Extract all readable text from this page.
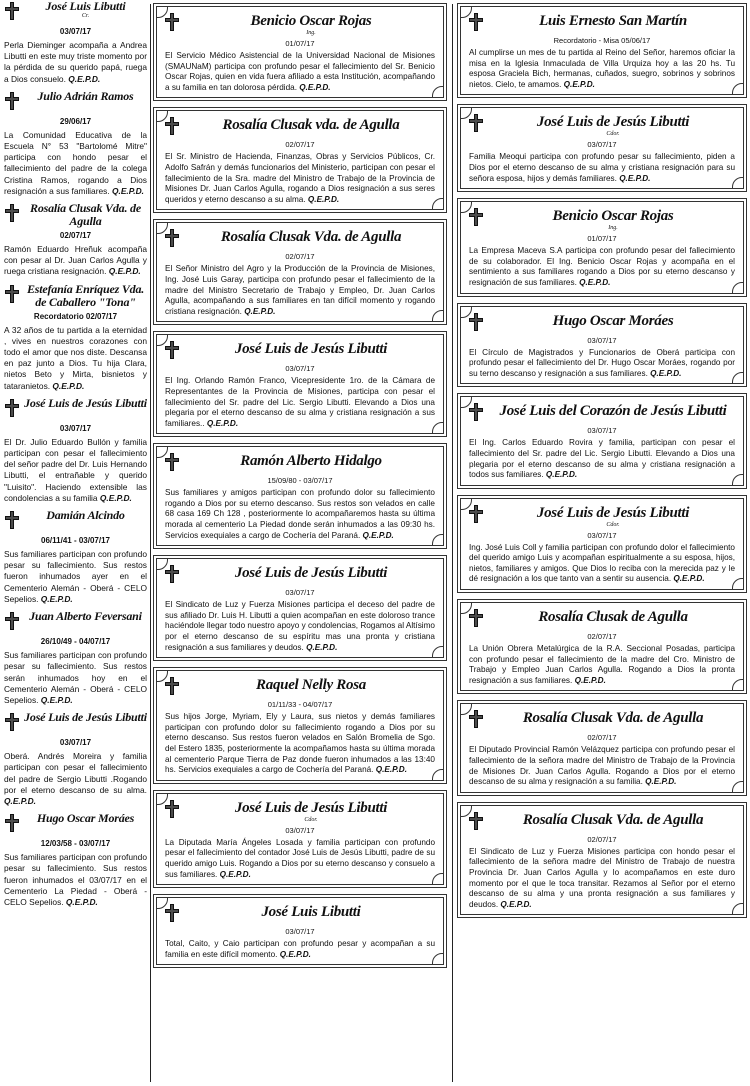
José Luis Libutti
Cr.
03/07/17
Perla Dieminger acompaña a Andrea Libutti en este muy triste momento por la pérdida de su querido papá, ruega a Dios consuelo. Q.E.P.D.
Julio Adrián Ramos
29/06/17
La Comunidad Educativa de la Escuela N° 53 "Bartolomé Mitre" participa con hondo pesar el fallecimiento del padre de la colega Cristina Ramos, rogando a Dios resignación a sus familiares. Q.E.P.D.
Rosalía Clusak Vda. de Agulla
02/07/17
Ramón Eduardo Hreñuk acompaña con pesar al Dr. Juan Carlos Agulla y ruega cristiana resignación. Q.E.P.D.
Estefanía Enríquez Vda. de Caballero "Tona"
Recordatorio 02/07/17
A 32 años de tu partida a la eternidad , vives en nuestros corazones con todo el amor que nos diste. Descansa en paz junto a Dios. Tu hija Clara, nietos Beto y Mirta, bisnietos y tataranietos. Q.E.P.D.
José Luis de Jesús Libutti
03/07/17
El Dr. Julio Eduardo Bullón y familia participan con pesar el fallecimiento del señor padre del Dr. Luis Hernando Libutti, el entrañable y querido "Luisito". Haciendo extensible las condolencias a su familia Q.E.P.D.
Damián Alcindo
06/11/41 - 03/07/17
Sus familiares participan con profundo pesar su fallecimiento. Sus restos fueron inhumados ayer en el Cementerio Alemán - Oberá - CELO Sepelios. Q.E.P.D.
Juan Alberto Feversani
26/10/49 - 04/07/17
Sus familiares participan con profundo pesar su fallecimiento. Sus restos serán inhumados hoy en el Cementerio Alemán - Oberá - CELO Sepelios. Q.E.P.D.
José Luis de Jesús Libutti
03/07/17
Oberá. Andrés Moreira y familia participan con pesar el fallecimiento del padre de Sergio Libutti .Rogando por el eterno descanso de su alma. Q.E.P.D.
Hugo Oscar Moráes
12/03/58 - 03/07/17
Sus familiares participan con profundo pesar su fallecimiento. Sus restos fueron inhumados el 03/07/17 en el Cementerio La Piedad - Oberá - CELO Sepelios. Q.E.P.D.
Benicio Oscar Rojas
Ing.
01/07/17
El Servicio Médico Asistencial de la Universidad Nacional de Misiones (SMAUNaM) participa con profundo pesar el fallecimiento del Sr. Benicio Oscar Rojas, quien en vida fuera afiliado a esta Institución, acompañando a su familia en tan dolorosa pérdida. Q.E.P.D.
Rosalía Clusak vda. de Agulla
02/07/17
El Sr. Ministro de Hacienda, Finanzas, Obras y Servicios Públicos, Cr. Adolfo Safrán y demás funcionarios del Ministerio, participan con pesar el fallecimiento de la Sra. madre del Ministro de Trabajo de la Provincia de Misiones Dr. Juan Carlos Agulla, rogando a Dios resignación a sus seres queridos y eterno descanso a su alma. Q.E.P.D.
Rosalía Clusak Vda. de Agulla
02/07/17
El Señor Ministro del Agro y la Producción de la Provincia de Misiones, Ing. José Luis Garay, participa con profundo pesar el fallecimiento de la madre del Ministro Secretario de Trabajo y Empleo, Dr. Juan Carlos Agulla, acompañando a sus familiares en tan difícil momento y rogando cristiana resignación. Q.E.P.D.
José Luis de Jesús Libutti
03/07/17
El Ing. Orlando Ramón Franco, Vicepresidente 1ro. de la Cámara de Representantes de la Provincia de Misiones, participa con pesar el fallecimiento del Sr. padre del Lic. Sergio Libutti. Elevando a Dios una plegaria por el eterno descanso de su alma y cristiana resignación a sus familiares.. Q.E.P.D.
Ramón Alberto Hidalgo
15/09/80 - 03/07/17
Sus familiares y amigos participan con profundo dolor su fallecimiento rogando a Dios por su eterno descanso. Sus restos son velados en calle 68 casa 169 Ch 128 , posteriormente lo acompañaremos hasta su última morada al cementerio La Piedad donde serán inhumados a las 09:30 hs. Servicios exequiales a cargo de Cochería del Paraná. Q.E.P.D.
José Luis de Jesús Libutti
03/07/17
El Sindicato de Luz y Fuerza Misiones participa el deceso del padre de sus afiliado Dr. Luis H. Libutti a quien acompañan en este doloroso trance haciéndole llegar todo nuestro apoyo y condolencias, Rogamos al Altísimo por el eterno descanso de su espíritu mas una pronta y cristiana resignación a sus familiares y deudos. Q.E.P.D.
Raquel Nelly Rosa
01/11/33 - 04/07/17
Sus hijos Jorge, Myriam, Ely y Laura, sus nietos y demás familiares participan con profundo dolor su fallecimiento rogando a Dios por su eterno descanso. Sus restos fueron velados en Salón Bromelia de Sgo. del Estero 1835, posteriormente la acompañamos hasta su última morada al cementerio Parque Tierra de Paz donde fueron inhumados a las 13:40 hs. Servicios exequiales a cargo de Cochería del Paraná. Q.E.P.D.
José Luis de Jesús Libutti
Cdor.
03/07/17
La Diputada María Ángeles Losada y familia participan con profundo pesar el fallecimiento del contador José Luis de Jesús Libutti, padre de su querido amigo Luis. Rogando a Dios por su eterno descanso y consuelo a sus familiares. Q.E.P.D.
José Luis Libutti
03/07/17
Total, Caito, y Caio participan con profundo pesar y acompañan a su familia en este difícil momento. Q.E.P.D.
Luis Ernesto San Martín
Recordatorio - Misa 05/06/17
Al cumplirse un mes de tu partida al Reino del Señor, haremos oficiar la misa en la Iglesia Inmaculada de Villa Urquiza hoy a las 20 hs. Tu esposa Graciela Bich, hermanas, cuñados, suegro, sobrinos y sobrinos nietos. Cielo, te amamos. Q.E.P.D.
José Luis de Jesús Libutti
Cdor.
03/07/17
Familia Meoqui participa con profundo pesar su fallecimiento, piden a Dios por el eterno descanso de su alma y cristiana resignación para su señora esposa, hijos y demás familiares. Q.E.P.D.
Benicio Oscar Rojas
Ing.
01/07/17
La Empresa Maceva S.A participa con profundo pesar del fallecimiento de su colaborador. El Ing. Benicio Oscar Rojas y acompaña en el sentimiento a sus familiares rogando a Dios por su eterno descanso y resignación de sus familiares. Q.E.P.D.
Hugo Oscar Moráes
03/07/17
El Círculo de Magistrados y Funcionarios de Oberá participa con profundo pesar el fallecimiento del Dr. Hugo Oscar Moráes, rogando por su terno descanso y resignación a sus familiares. Q.E.P.D.
José Luis del Corazón de Jesús Libutti
03/07/17
El Ing. Carlos Eduardo Rovira y familia, participan con pesar el fallecimiento del Sr. padre del Lic. Sergio Libutti. Elevando a Dios una plegaria por el eterno descanso de su alma y cristiana resignación a todos sus familiares. Q.E.P.D.
José Luis de Jesús Libutti
Cdor.
03/07/17
Ing. José Luis Coll y familia participan con profundo dolor el fallecimiento del querido amigo Luis y acompañan espiritualmente a su esposa, hijos, nietos, familiares y amigos. Que Dios lo reciba con la merecida paz y le dé resignación a los que tanto van a sentir su ausencia. Q.E.P.D.
Rosalía Clusak de Agulla
02/07/17
La Unión Obrera Metalúrgica de la R.A. Seccional Posadas, participa con profundo pesar el fallecimiento de la madre del Cro. Ministro de Trabajo y Empleo Juan Carlos Agulla. Rogando a Dios la pronta resignación a sus familiares. Q.E.P.D.
Rosalía Clusak Vda. de Agulla
02/07/17
El Diputado Provincial Ramón Velázquez participa con profundo pesar el fallecimiento de la señora madre del Ministro de Trabajo de la Provincia de Misiones Dr. Juan Carlos Agulla. Rogando a Dios por el eterno descanso de su alma y resignación a su familia. Q.E.P.D.
Rosalía Clusak Vda. de Agulla
02/07/17
El Sindicato de Luz y Fuerza Misiones participa con hondo pesar el fallecimiento de la señora madre del Ministro de Trabajo de nuestra Provincia Dr. Juan Carlos Agulla y lo acompañamos en este duro momento por el que le toca transitar. Rezamos al Señor por el eterno descanso de su alma y una pronta resignación a sus familiares y deudos. Q.E.P.D.
